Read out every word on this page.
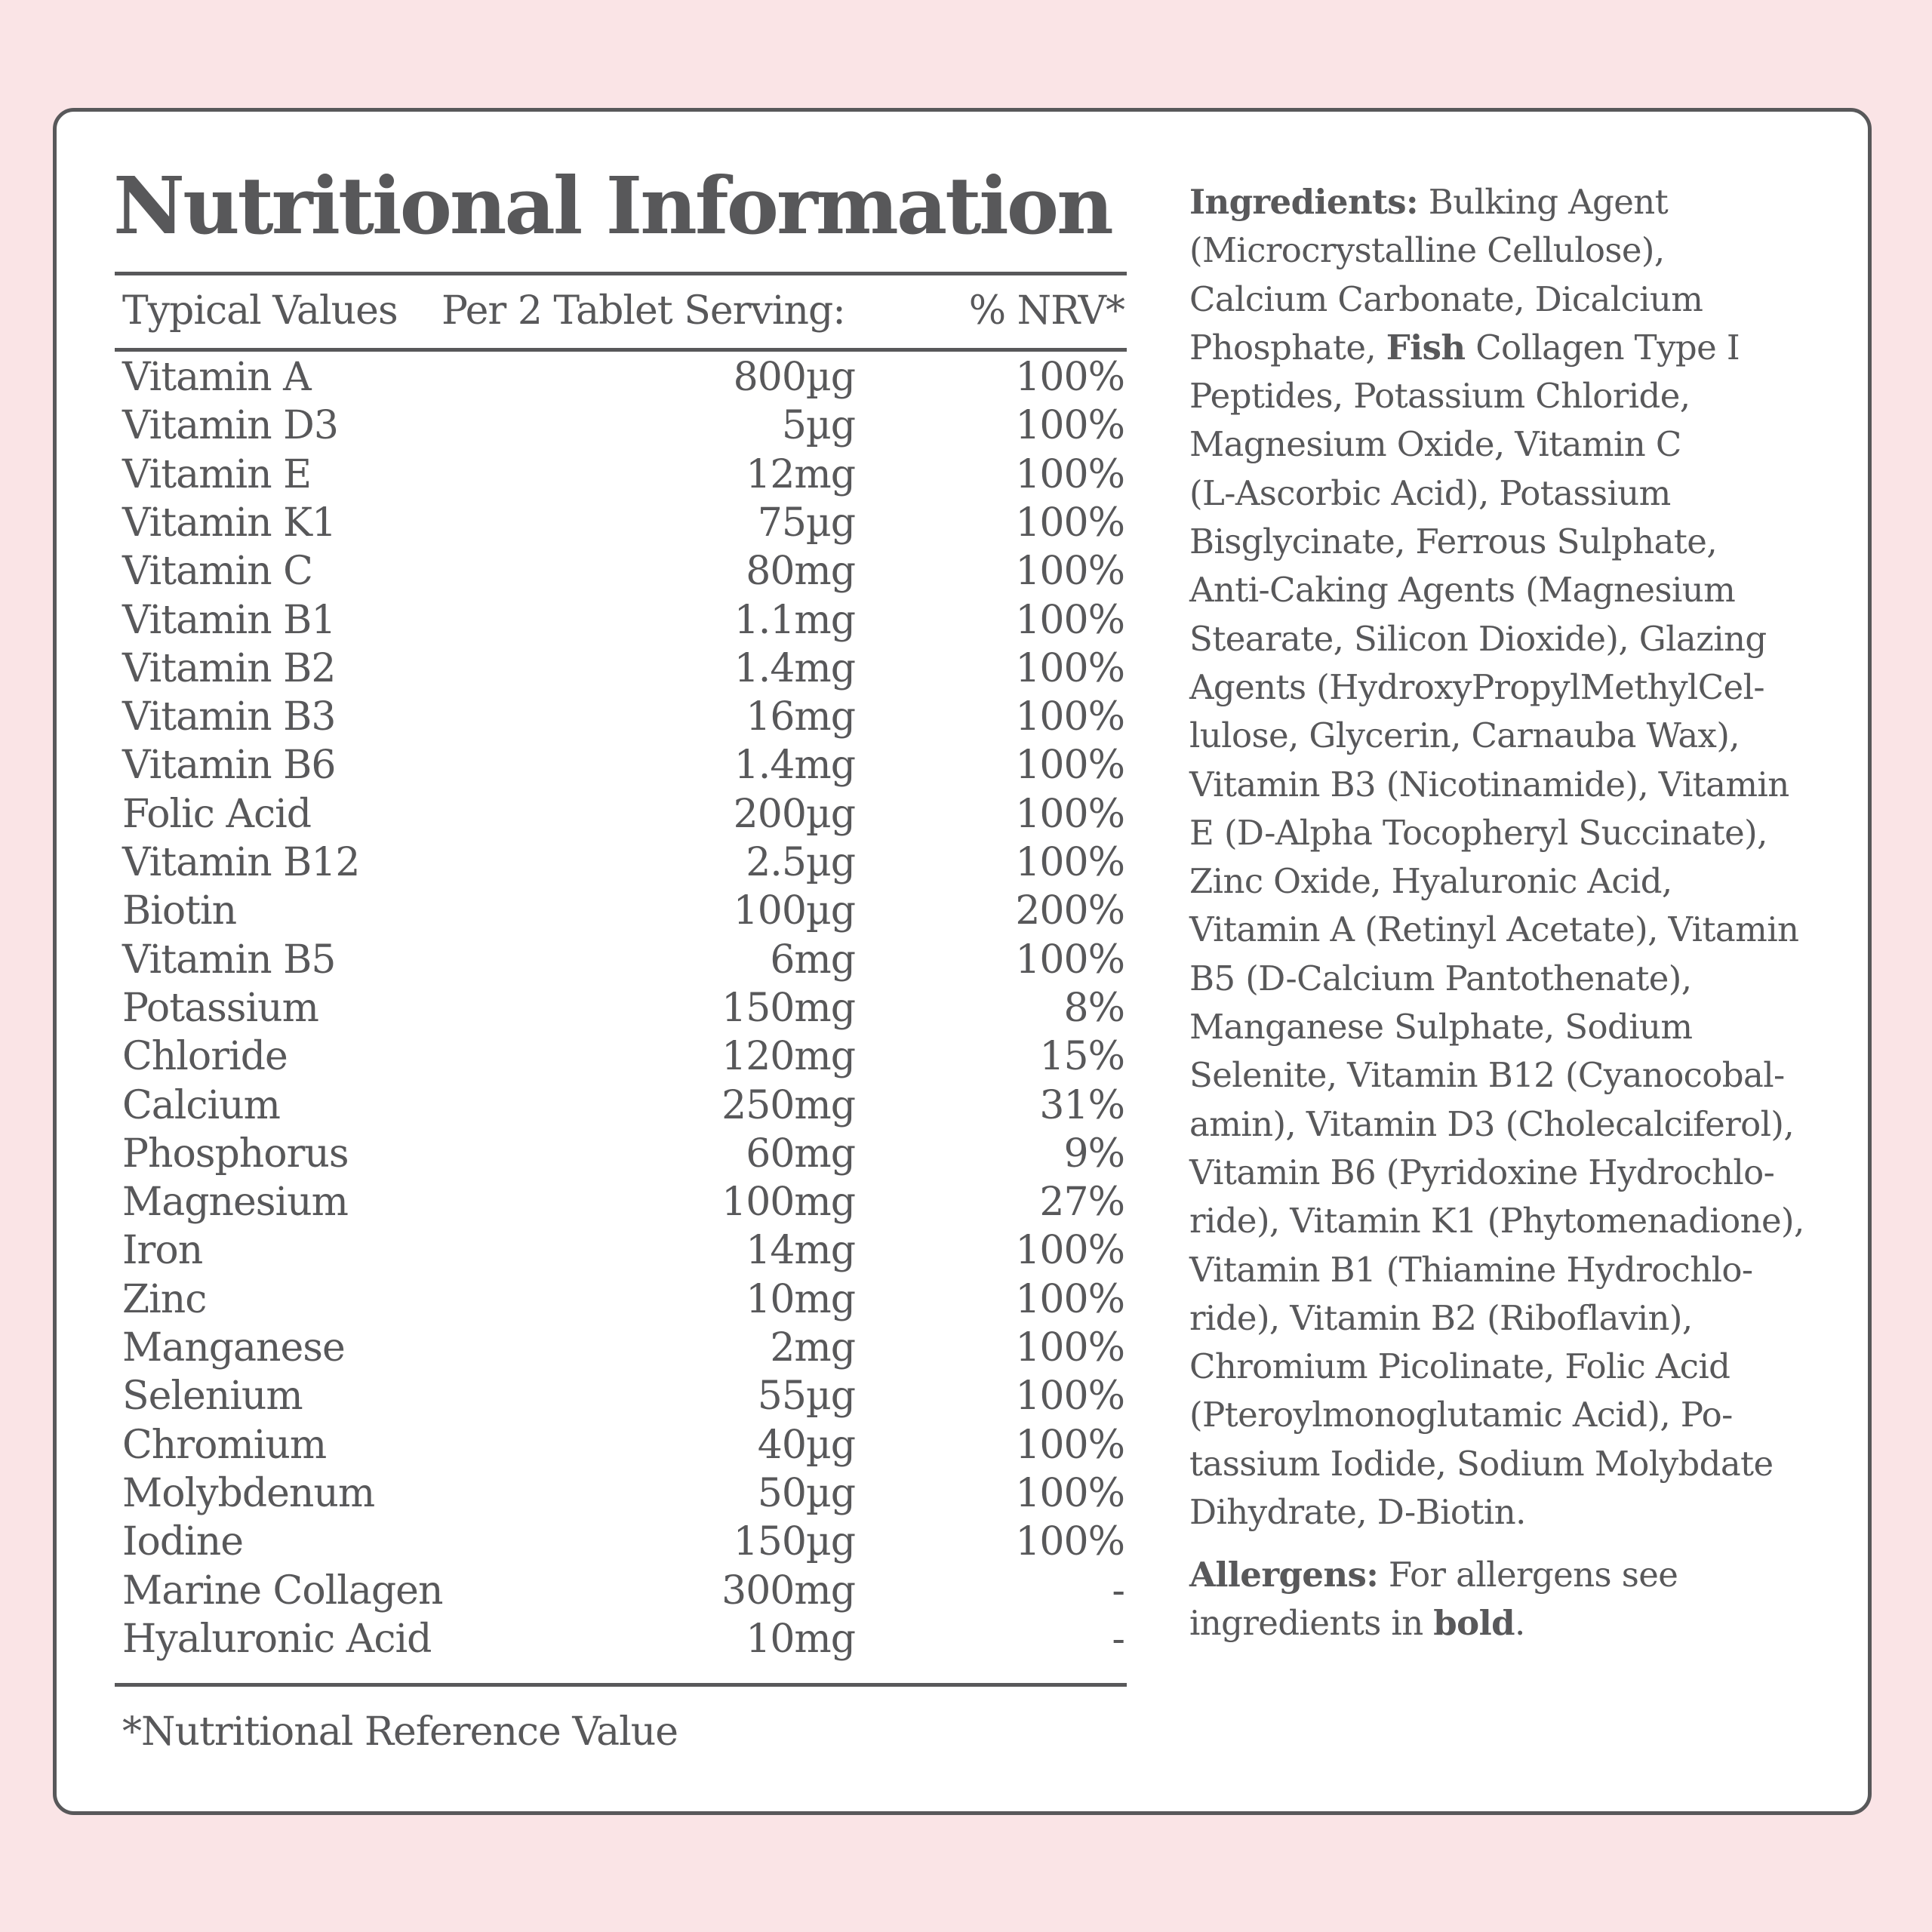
Nutritional Information
Typical Values Per 2 Tablet Serving:	% NRV*
Vitamin A	800µg	100%
Vitamin D3	5µg	100%
Vitamin E	12mg	100%
Vitamin K1	75µg	100%
Vitamin C	80mg	100%
Vitamin B1	1.1mg	100%
Vitamin B2	1.4mg	100%
Vitamin B3	16mg	100%
Vitamin B6	1.4mg	100%
Folic Acid	200µg	100%
Vitamin B12	2.5µg	100%
Biotin	100µg	200%
Vitamin B5	6mg	100%
Potassium	150mg	8%
Chloride	120mg	15%
Calcium	250mg	31%
Phosphorus	60mg	9%
Magnesium	100mg	27%
Iron	14mg	100%
Zinc	10mg	100%
Manganese	2mg	100%
Selenium	55µg	100%
Chromium	40µg	100%
Molybdenum	50µg	100%
Iodine	150µg	100%
Marine Collagen	300mg	-
Hyaluronic Acid	10mg	-
*Nutritional Reference Value
Ingredients: Bulking Agent
(Microcrystalline Cellulose),
Calcium Carbonate, Dicalcium
Phosphate, Fish Collagen Type I
Peptides, Potassium Chloride,
Magnesium Oxide, Vitamin C
(L-Ascorbic Acid), Potassium
Bisglycinate, Ferrous Sulphate,
Anti-Caking Agents (Magnesium
Stearate, Silicon Dioxide), Glazing
Agents (HydroxyPropylMethylCel-
lulose, Glycerin, Carnauba Wax),
Vitamin B3 (Nicotinamide), Vitamin
E (D-Alpha Tocopheryl Succinate),
Zinc Oxide, Hyaluronic Acid,
Vitamin A (Retinyl Acetate), Vitamin
B5 (D-Calcium Pantothenate),
Manganese Sulphate, Sodium
Selenite, Vitamin B12 (Cyanocobal-
amin), Vitamin D3 (Cholecalciferol),
Vitamin B6 (Pyridoxine Hydrochlo-
ride), Vitamin K1 (Phytomenadione),
Vitamin B1 (Thiamine Hydrochlo-
ride), Vitamin B2 (Riboflavin),
Chromium Picolinate, Folic Acid
(Pteroylmonoglutamic Acid), Po-
tassium Iodide, Sodium Molybdate
Dihydrate, D-Biotin.
Allergens: For allergens see
ingredients in bold.
